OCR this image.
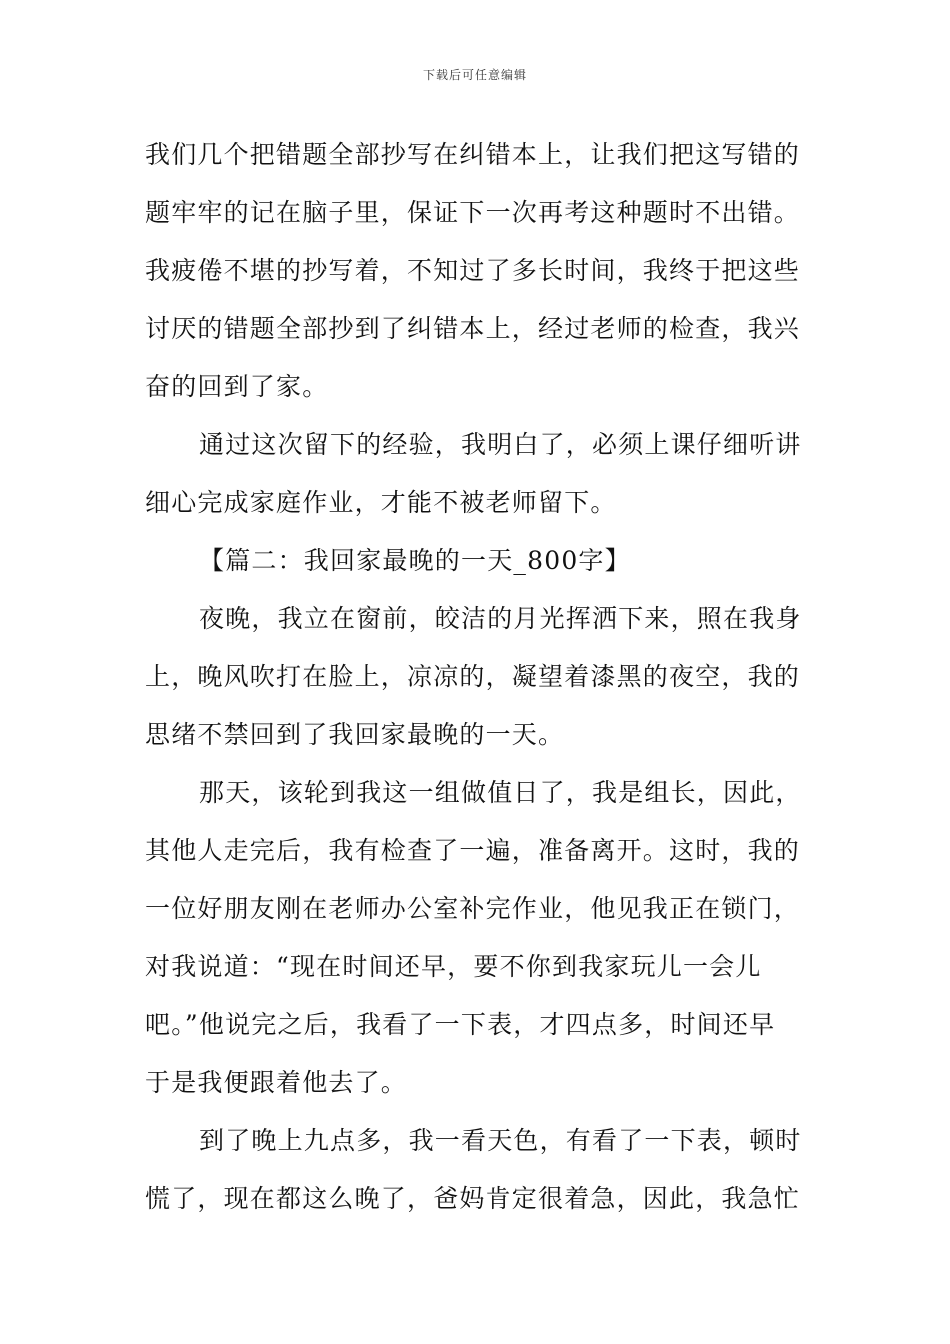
下载后可任意编辑
我们几个把错题全部抄写在纠错本上，让我们把这写错的
题牢牢的记在脑子里，保证下一次再考这种题时不出错。
我疲倦不堪的抄写着，不知过了多长时间，我终于把这些
讨厌的错题全部抄到了纠错本上，经过老师的检查，我兴
奋的回到了家。
通过这次留下的经验，我明白了，必须上课仔细听讲
细心完成家庭作业，才能不被老师留下。
【篇二：我回家最晚的一天_800字】
夜晚，我立在窗前，皎洁的月光挥洒下来，照在我身
上，晚风吹打在脸上，凉凉的，凝望着漆黑的夜空，我的
思绪不禁回到了我回家最晚的一天。
那天，该轮到我这一组做值日了，我是组长，因此，
其他人走完后，我有检查了一遍，准备离开。这时，我的
一位好朋友刚在老师办公室补完作业，他见我正在锁门，
对我说道：“现在时间还早，要不你到我家玩儿一会儿
吧。”他说完之后，我看了一下表，才四点多，时间还早
于是我便跟着他去了。
到了晚上九点多，我一看天色，有看了一下表，顿时
慌了，现在都这么晚了，爸妈肯定很着急，因此，我急忙
